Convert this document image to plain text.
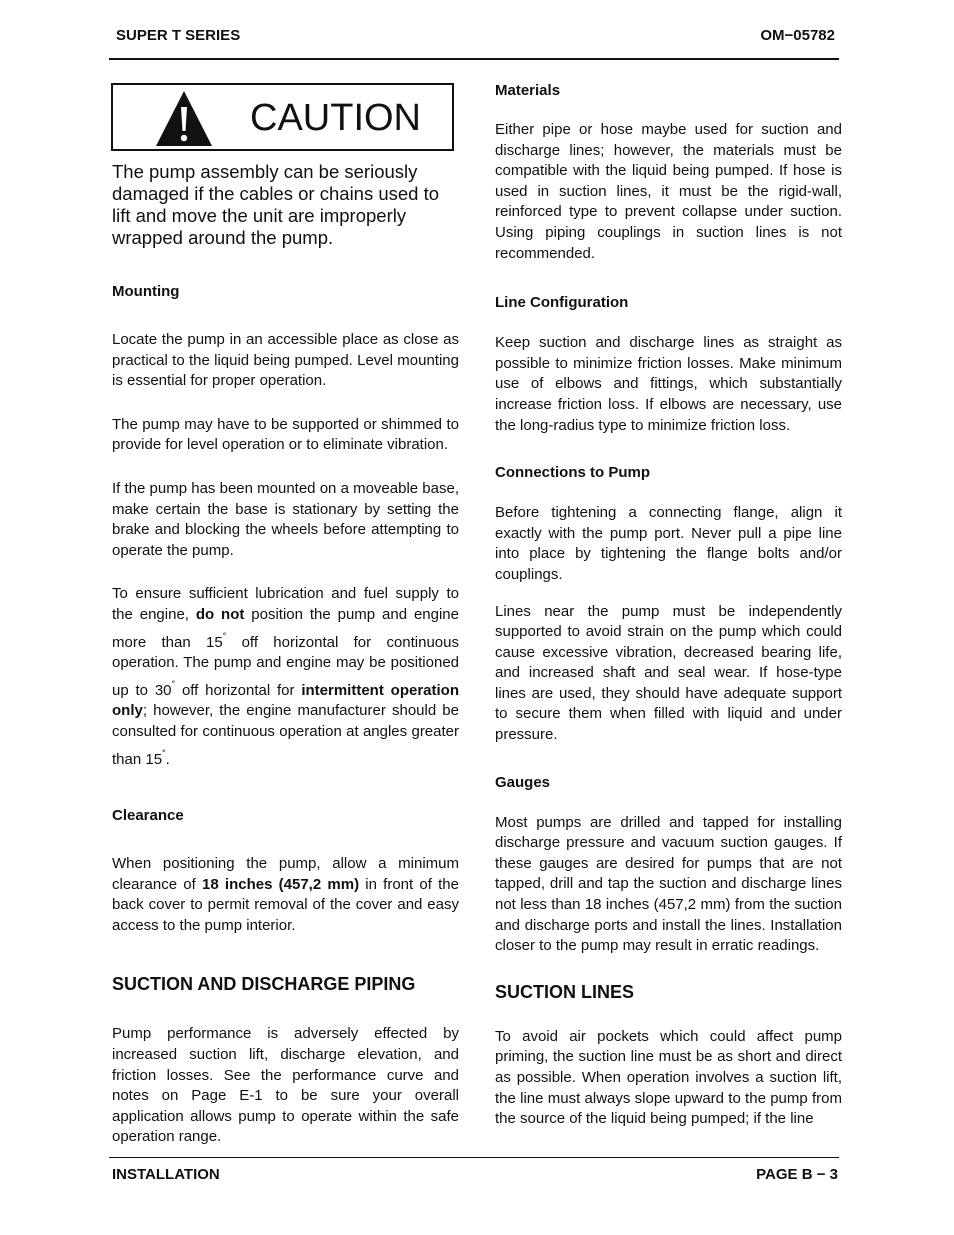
SUPER T SERIES	OM−05782
CAUTION

The pump assembly can be seriously damaged if the cables or chains used to lift and move the unit are improperly wrapped around the pump.

Mounting

Locate the pump in an accessible place as close as practical to the liquid being pumped. Level mounting is essential for proper operation.

The pump may have to be supported or shimmed to provide for level operation or to eliminate vibration.

If the pump has been mounted on a moveable base, make certain the base is stationary by setting the brake and blocking the wheels before attempting to operate the pump.

To ensure sufficient lubrication and fuel supply to the engine, do not position the pump and engine more than 15° off horizontal for continuous operation. The pump and engine may be positioned up to 30° off horizontal for intermittent operation only; however, the engine manufacturer should be consulted for continuous operation at angles greater than 15°.

Clearance

When positioning the pump, allow a minimum clearance of 18 inches (457,2 mm) in front of the back cover to permit removal of the cover and easy access to the pump interior.

SUCTION AND DISCHARGE PIPING

Pump performance is adversely effected by increased suction lift, discharge elevation, and friction losses. See the performance curve and notes on Page E-1 to be sure your overall application allows pump to operate within the safe operation range.

Materials

Either pipe or hose maybe used for suction and discharge lines; however, the materials must be compatible with the liquid being pumped. If hose is used in suction lines, it must be the rigid-wall, reinforced type to prevent collapse under suction. Using piping couplings in suction lines is not recommended.

Line Configuration

Keep suction and discharge lines as straight as possible to minimize friction losses. Make minimum use of elbows and fittings, which substantially increase friction loss. If elbows are necessary, use the long-radius type to minimize friction loss.

Connections to Pump

Before tightening a connecting flange, align it exactly with the pump port. Never pull a pipe line into place by tightening the flange bolts and/or couplings.

Lines near the pump must be independently supported to avoid strain on the pump which could cause excessive vibration, decreased bearing life, and increased shaft and seal wear. If hose-type lines are used, they should have adequate support to secure them when filled with liquid and under pressure.

Gauges

Most pumps are drilled and tapped for installing discharge pressure and vacuum suction gauges. If these gauges are desired for pumps that are not tapped, drill and tap the suction and discharge lines not less than 18 inches (457,2 mm) from the suction and discharge ports and install the lines. Installation closer to the pump may result in erratic readings.

SUCTION LINES

To avoid air pockets which could affect pump priming, the suction line must be as short and direct as possible. When operation involves a suction lift, the line must always slope upward to the pump from the source of the liquid being pumped; if the line

INSTALLATION	PAGE B − 3
